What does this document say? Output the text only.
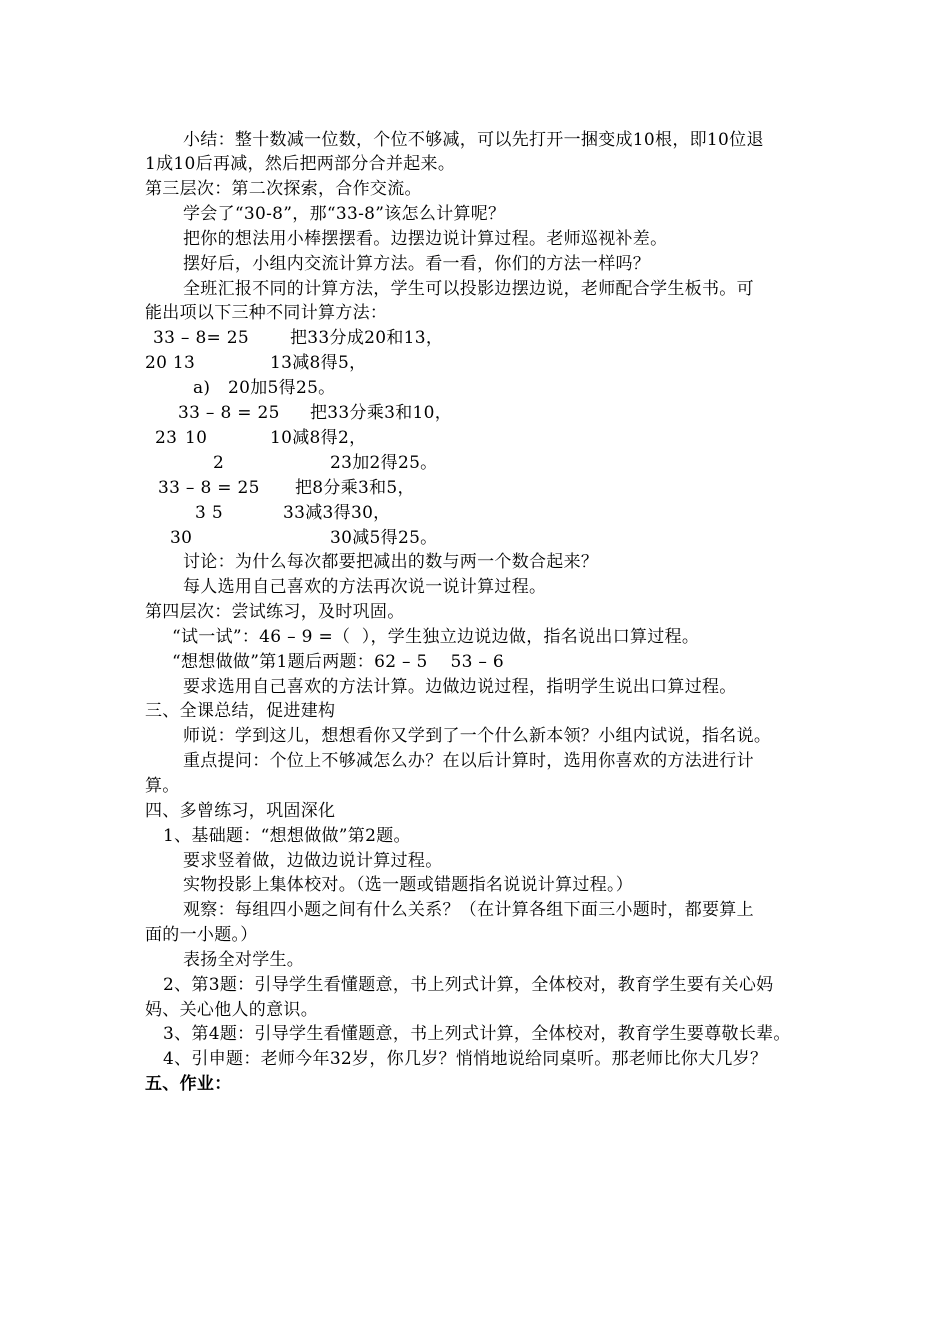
小结：整十数减一位数，个位不够减，可以先打开一捆变成10根，即10位退
1成10后再减，然后把两部分合并起来。
第三层次：第二次探索，合作交流。
学会了“30-8”，那“33-8”该怎么计算呢？
把你的想法用小棒摆摆看。边摆边说计算过程。老师巡视补差。
摆好后，小组内交流计算方法。看一看，你们的方法一样吗？
全班汇报不同的计算方法，学生可以投影边摆边说，老师配合学生板书。可
能出项以下三种不同计算方法：
33 – 8= 25 把33分成20和13，
20 13	13减8得5，
a) 20加5得25。
33 – 8 = 25 把33分乘3和10，
23 10	10减8得2，
2	23加2得25。
33 – 8 = 25 把8分乘3和5，
3 5	33减3得30，
30	30减5得25。
讨论：为什么每次都要把减出的数与两一个数合起来？
每人选用自己喜欢的方法再次说一说计算过程。
第四层次：尝试练习，及时巩固。
“试一试”：46 – 9 =（  ），学生独立边说边做，指名说出口算过程。
“想想做做”第1题后两题：62 – 5    53 – 6
要求选用自己喜欢的方法计算。边做边说过程，指明学生说出口算过程。
三、全课总结，促进建构
师说：学到这儿，想想看你又学到了一个什么新本领？小组内试说，指名说。
重点提问：个位上不够减怎么办？在以后计算时，选用你喜欢的方法进行计
算。
四、多曾练习，巩固深化
1、基础题：“想想做做”第2题。
要求竖着做，边做边说计算过程。
实物投影上集体校对。（选一题或错题指名说说计算过程。）
观察：每组四小题之间有什么关系？（在计算各组下面三小题时，都要算上
面的一小题。）
表扬全对学生。
2、第3题：引导学生看懂题意，书上列式计算，全体校对，教育学生要有关心妈
妈、关心他人的意识。
3、第4题：引导学生看懂题意，书上列式计算，全体校对，教育学生要尊敬长辈。
4、引申题：老师今年32岁，你几岁？悄悄地说给同桌听。那老师比你大几岁？
五、作业：
